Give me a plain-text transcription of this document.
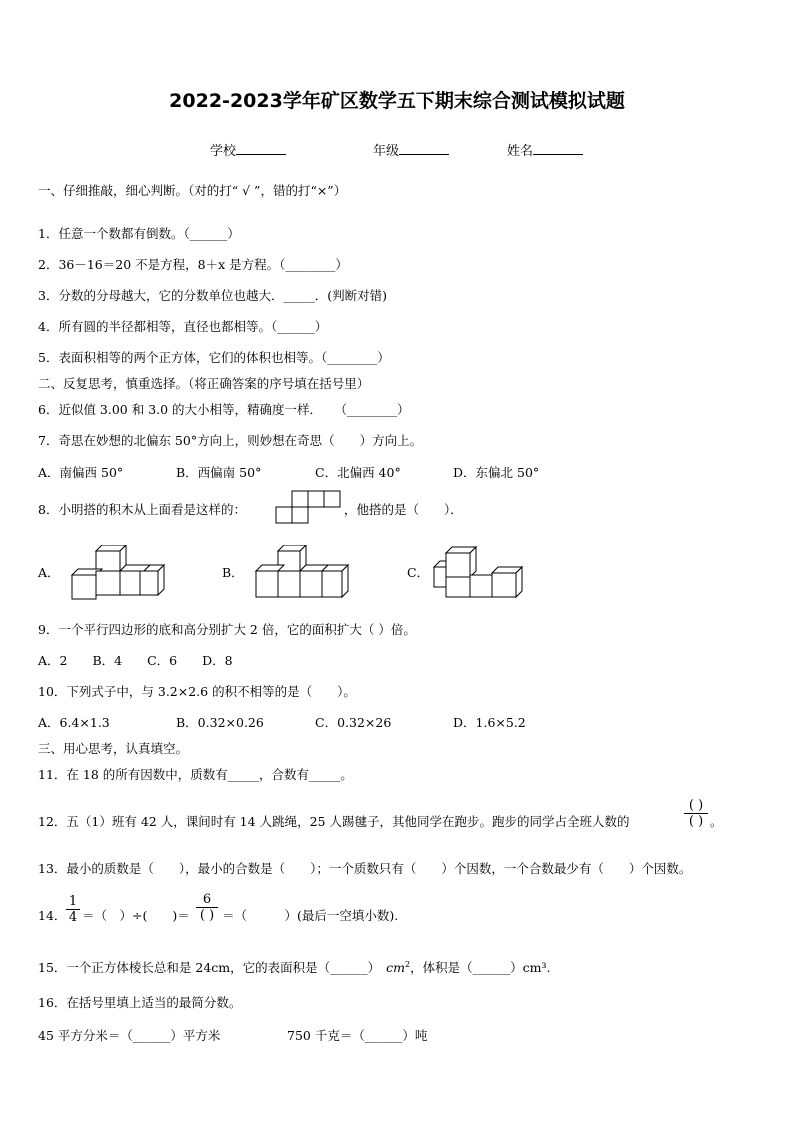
2022-2023学年矿区数学五下期末综合测试模拟试题
学校	年级	姓名
一、仔细推敲，细心判断。（对的打“ √ ”，错的打“×”）
1．任意一个数都有倒数。（______）
2．36－16＝20 不是方程，8＋x 是方程。（________）
3．分数的分母越大，它的分数单位也越大．_____．(判断对错)
4．所有圆的半径都相等，直径也都相等。（______）
5．表面积相等的两个正方体，它们的体积也相等。（________）
二、反复思考，慎重选择。（将正确答案的序号填在括号里）
6．近似值 3.00 和 3.0 的大小相等，精确度一样．　　（________）
7．奇思在妙想的北偏东 50°方向上，则妙想在奇思（　　）方向上。
A．南偏西 50°	B．西偏南 50°	C．北偏西 40°	D．东偏北 50°
8．小明搭的积木从上面看是这样的：	，他搭的是（　　）．
A．	B．	C．
9．一个平行四边形的底和高分别扩大 2 倍，它的面积扩大（ ）倍。
A．2　　B．4　　C．6　　D．8
10．下列式子中，与 3.2×2.6 的积不相等的是（　　）。
A．6.4×1.3	B．0.32×0.26	C．0.32×26	D．1.6×5.2
三、用心思考，认真填空。
11．在 18 的所有因数中，质数有_____，合数有_____。
12．五（1）班有 42 人，课间时有 14 人跳绳，25 人踢毽子，其他同学在跑步。跑步的同学占全班人数的
( )
( ) 。
13．最小的质数是（　　），最小的合数是（　　）；一个质数只有（　　）个因数，一个合数最少有（　　）个因数。
14． $\frac{1}{4}$ ＝（　）÷(　　)＝
6
( ) ＝（　　　）(最后一空填小数).
15．一个正方体棱长总和是 24cm，它的表面积是（______） $cm^2$，体积是（______）cm³.
16．在括号里填上适当的最简分数。
45 平方分米＝（______）平方米	750 千克＝（______）吨
